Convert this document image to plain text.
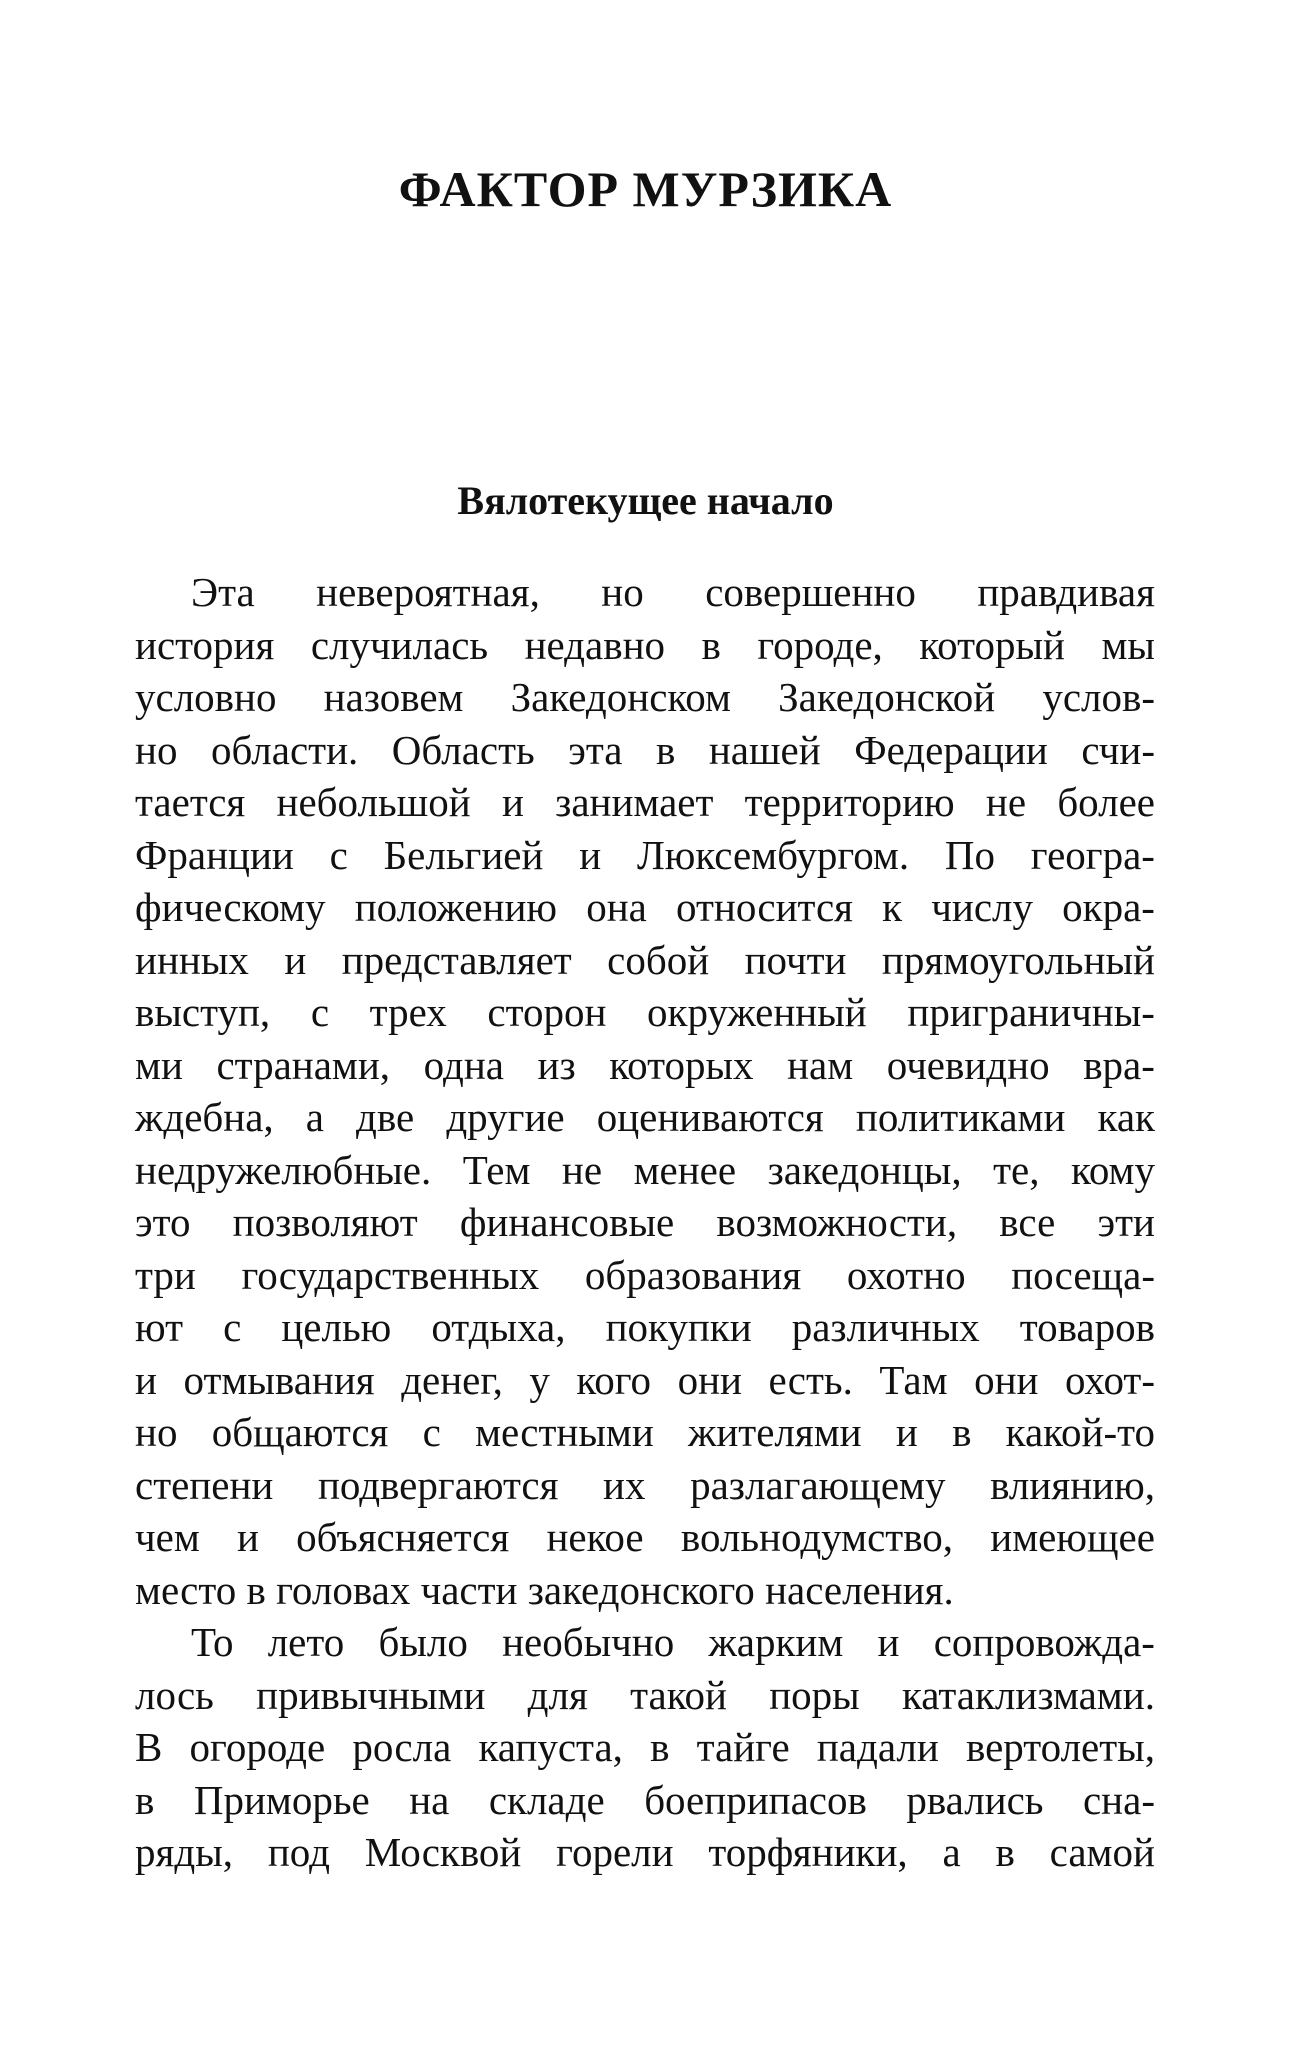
ФАКТОР МУРЗИКА
Вялотекущее начало
Эта невероятная, но совершенно правдивая
история случилась недавно в городе, который мы
условно назовем Закедонском Закедонской услов-
но области. Область эта в нашей Федерации счи-
тается небольшой и занимает территорию не более
Франции с Бельгией и Люксембургом. По геогра-
фическому положению она относится к числу окра-
инных и представляет собой почти прямоугольный
выступ, с трех сторон окруженный приграничны-
ми странами, одна из которых нам очевидно вра-
ждебна, а две другие оцениваются политиками как
недружелюбные. Тем не менее закедонцы, те, кому
это позволяют финансовые возможности, все эти
три государственных образования охотно посеща-
ют с целью отдыха, покупки различных товаров
и отмывания денег, у кого они есть. Там они охот-
но общаются с местными жителями и в какой-то
степени подвергаются их разлагающему влиянию,
чем и объясняется некое вольнодумство, имеющее
место
в
головах
части
закедонского
населения.
То лето было необычно жарким и сопровожда-
лось привычными для такой поры катаклизмами.
В огороде росла капуста, в тайге падали вертолеты,
в Приморье на складе боеприпасов рвались сна-
ряды, под Москвой горели торфяники, а в самой
